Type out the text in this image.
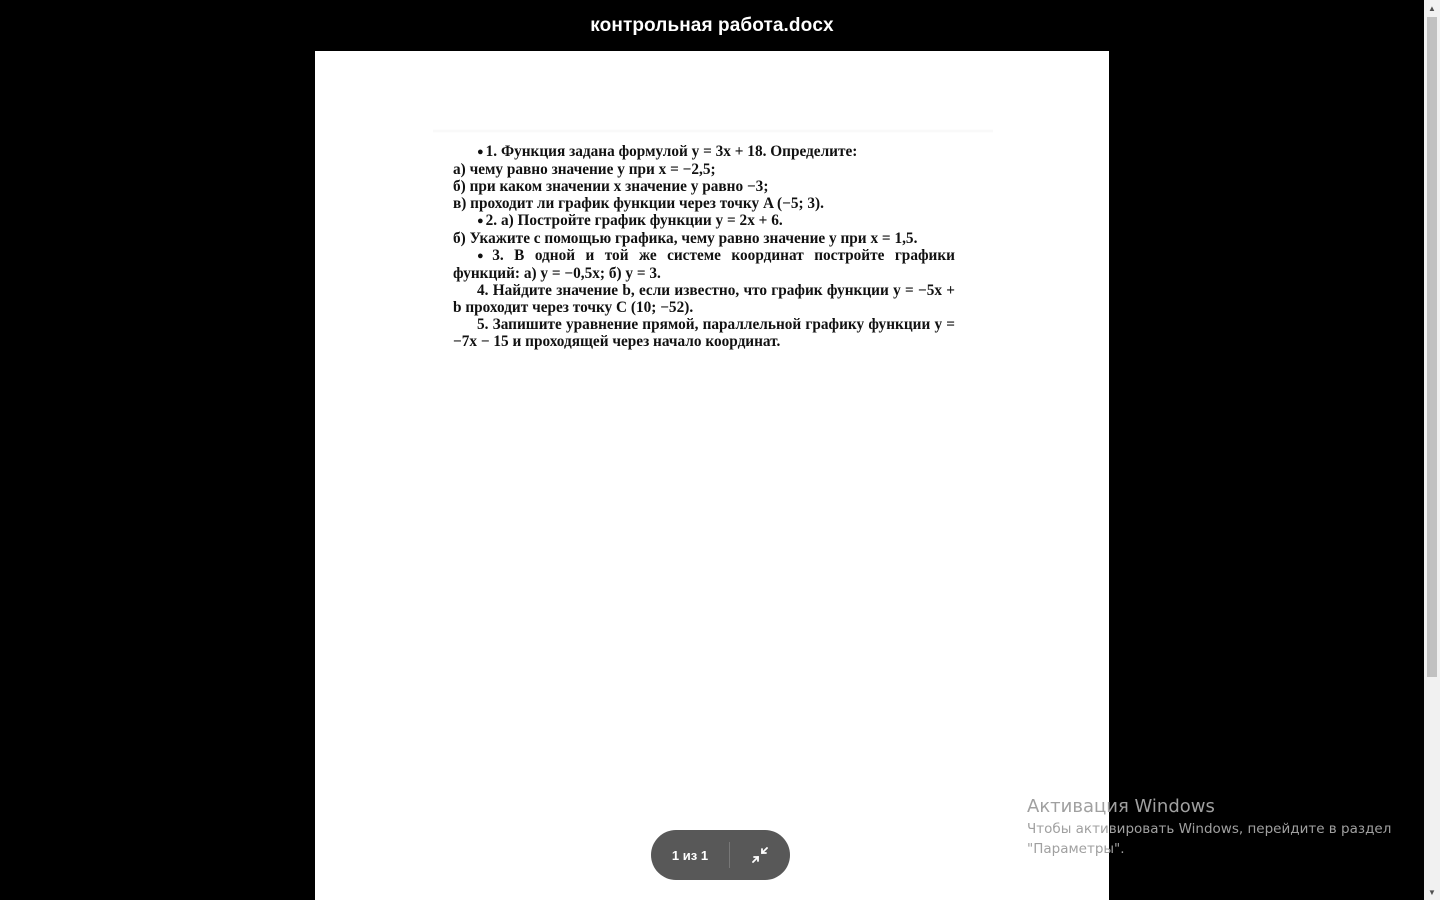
контрольная работа.docx

● 1. Функция задана формулой y = 3x + 18. Определите:

а) чему равно значение y при x = −2,5;

б) при каком значении x значение y равно −3;

в) проходит ли график функции через точку A (−5; 3).

● 2. а) Постройте график функции y = 2x + 6.

б) Укажите с помощью графика, чему равно значение y при x = 1,5.

● 3. В одной и той же системе координат постройте графики функций: а) y = −0,5x; б) y = 3.

4. Найдите значение b, если известно, что график функции y = −5x + b проходит через точку C (10; −52).

5. Запишите уравнение прямой, параллельной графику функции y = −7x − 15 и проходящей через начало координат.

▲
▼
1 из 1
Активация Windows
Чтобы активировать Windows, перейдите в раздел "Параметры".
